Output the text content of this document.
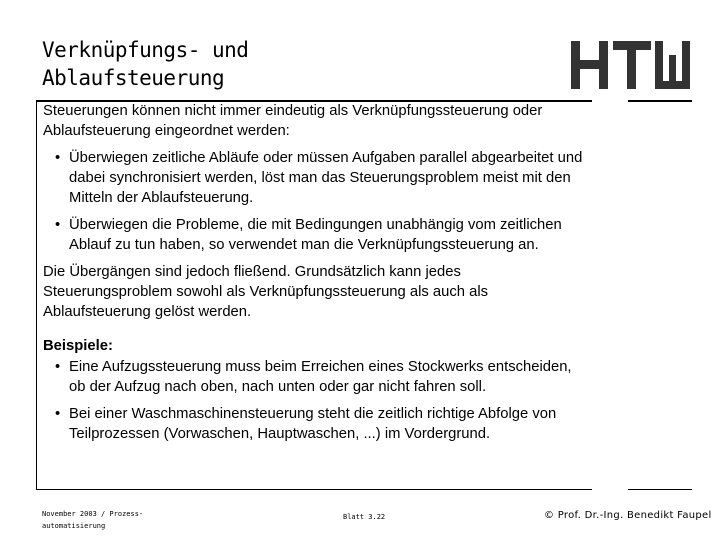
Verknüpfungs- und
Ablaufsteuerung

Steuerungen können nicht immer eindeutig als Verknüpfungssteuerung oder Ablaufsteuerung eingeordnet werden:

• Überwiegen zeitliche Abläufe oder müssen Aufgaben parallel abgearbeitet und dabei synchronisiert werden, löst man das Steuerungsproblem meist mit den Mitteln der Ablaufsteuerung.
• Überwiegen die Probleme, die mit Bedingungen unabhängig vom zeitlichen Ablauf zu tun haben, so verwendet man die Verknüpfungssteuerung an.

Die Übergängen sind jedoch fließend. Grundsätzlich kann jedes Steuerungsproblem sowohl als Verknüpfungssteuerung als auch als Ablaufsteuerung gelöst werden.

Beispiele:

• Eine Aufzugssteuerung muss beim Erreichen eines Stockwerks entscheiden, ob der Aufzug nach oben, nach unten oder gar nicht fahren soll.
• Bei einer Waschmaschinensteuerung steht die zeitlich richtige Abfolge von Teilprozessen (Vorwaschen, Hauptwaschen, ...) im Vordergrund.
November 2003 / Prozess-
automatisierung
Blatt 3.22	© Prof. Dr.-Ing. Benedikt Faupel
